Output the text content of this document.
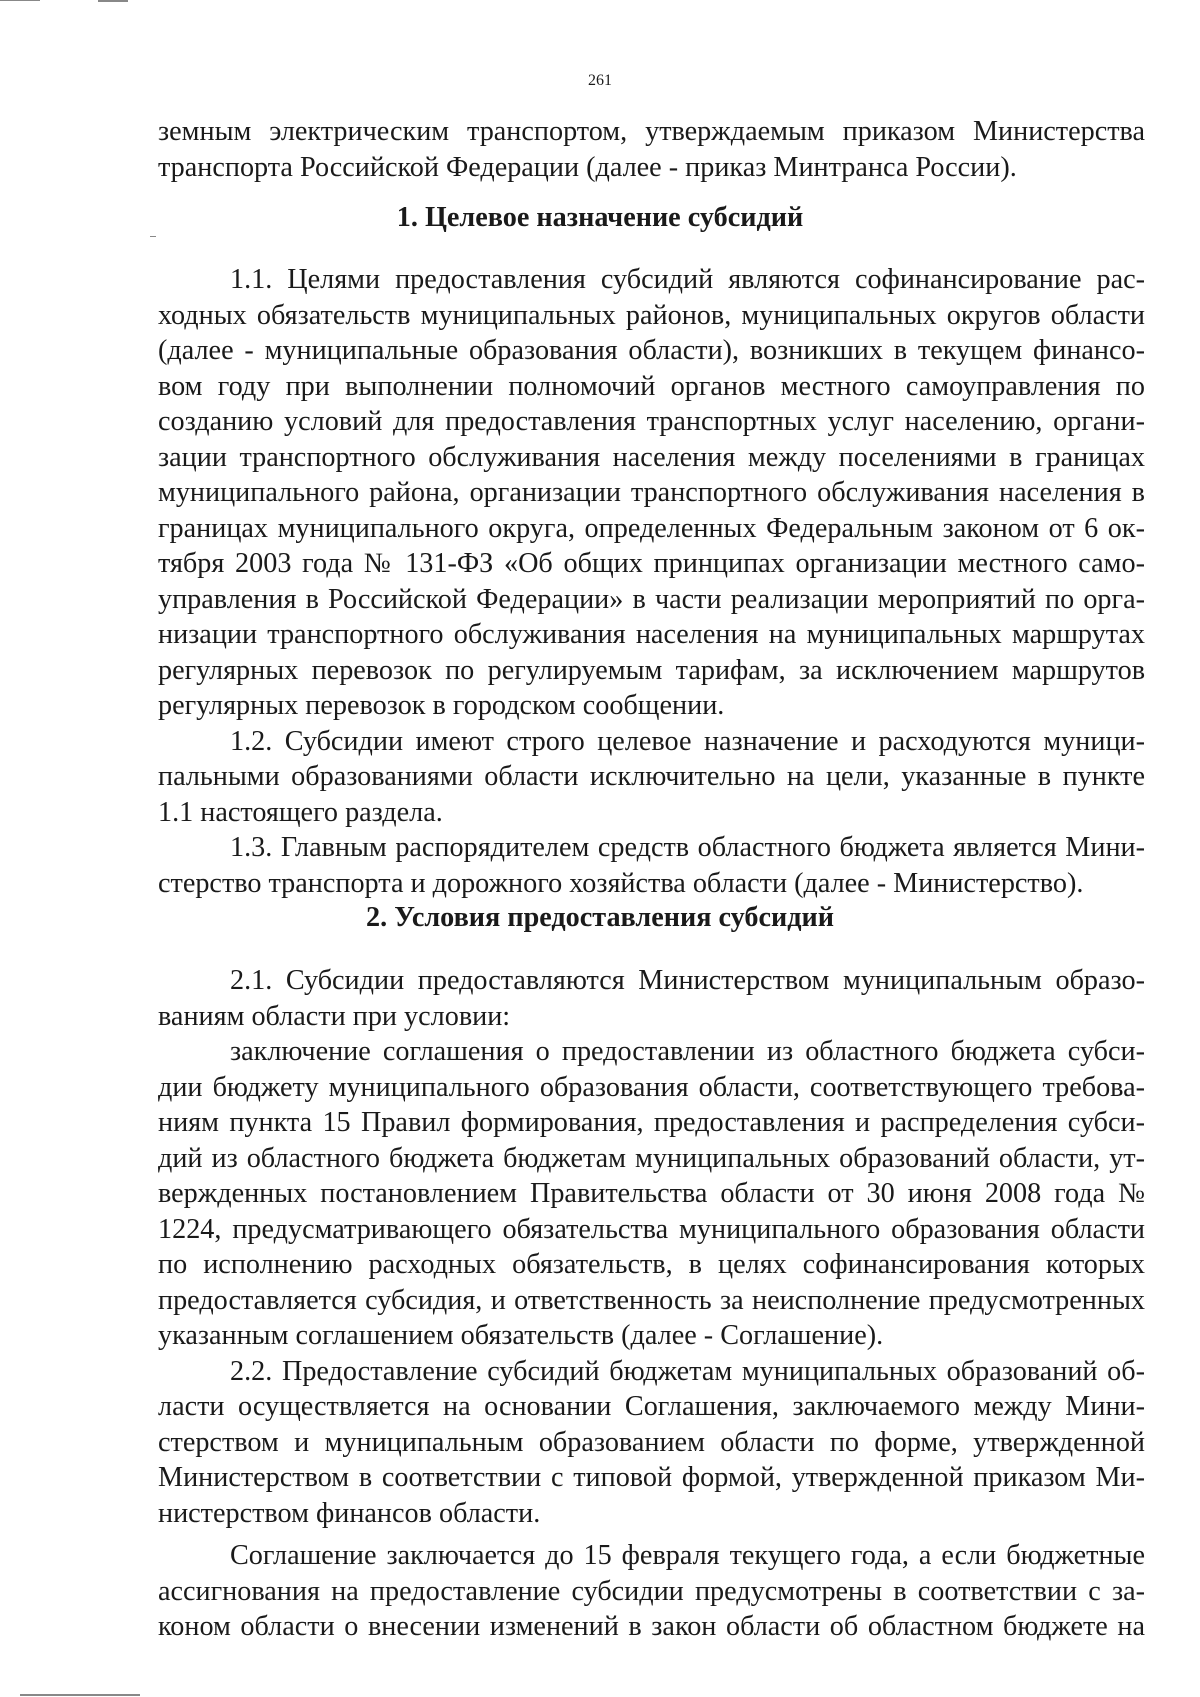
261
земным электрическим транспортом, утверждаемым приказом Министерства
транспорта Российской Федерации (далее - приказ Минтранса России).
1. Целевое назначение субсидий
1.1. Целями предоставления субсидий являются софинансирование рас-
ходных обязательств муниципальных районов, муниципальных округов области
(далее - муниципальные образования области), возникших в текущем финансо-
вом году при выполнении полномочий органов местного самоуправления по
созданию условий для предоставления транспортных услуг населению, органи-
зации транспортного обслуживания населения между поселениями в границах
муниципального района, организации транспортного обслуживания населения в
границах муниципального округа, определенных Федеральным законом от 6 ок-
тября 2003 года № 131-ФЗ «Об общих принципах организации местного само-
управления в Российской Федерации» в части реализации мероприятий по орга-
низации транспортного обслуживания населения на муниципальных маршрутах
регулярных перевозок по регулируемым тарифам, за исключением маршрутов
регулярных перевозок в городском сообщении.
1.2. Субсидии имеют строго целевое назначение и расходуются муници-
пальными образованиями области исключительно на цели, указанные в пункте
1.1 настоящего раздела.
1.3. Главным распорядителем средств областного бюджета является Мини-
стерство транспорта и дорожного хозяйства области (далее - Министерство).
2. Условия предоставления субсидий
2.1. Субсидии предоставляются Министерством муниципальным образо-
ваниям области при условии:
заключение соглашения о предоставлении из областного бюджета субси-
дии бюджету муниципального образования области, соответствующего требова-
ниям пункта 15 Правил формирования, предоставления и распределения субси-
дий из областного бюджета бюджетам муниципальных образований области, ут-
вержденных постановлением Правительства области от 30 июня 2008 года №
1224, предусматривающего обязательства муниципального образования области
по исполнению расходных обязательств, в целях софинансирования которых
предоставляется субсидия, и ответственность за неисполнение предусмотренных
указанным соглашением обязательств (далее - Соглашение).
2.2. Предоставление субсидий бюджетам муниципальных образований об-
ласти осуществляется на основании Соглашения, заключаемого между Мини-
стерством и муниципальным образованием области по форме, утвержденной
Министерством в соответствии с типовой формой, утвержденной приказом Ми-
нистерством финансов области.
Соглашение заключается до 15 февраля текущего года, а если бюджетные
ассигнования на предоставление субсидии предусмотрены в соответствии с за-
коном области о внесении изменений в закон области об областном бюджете на
